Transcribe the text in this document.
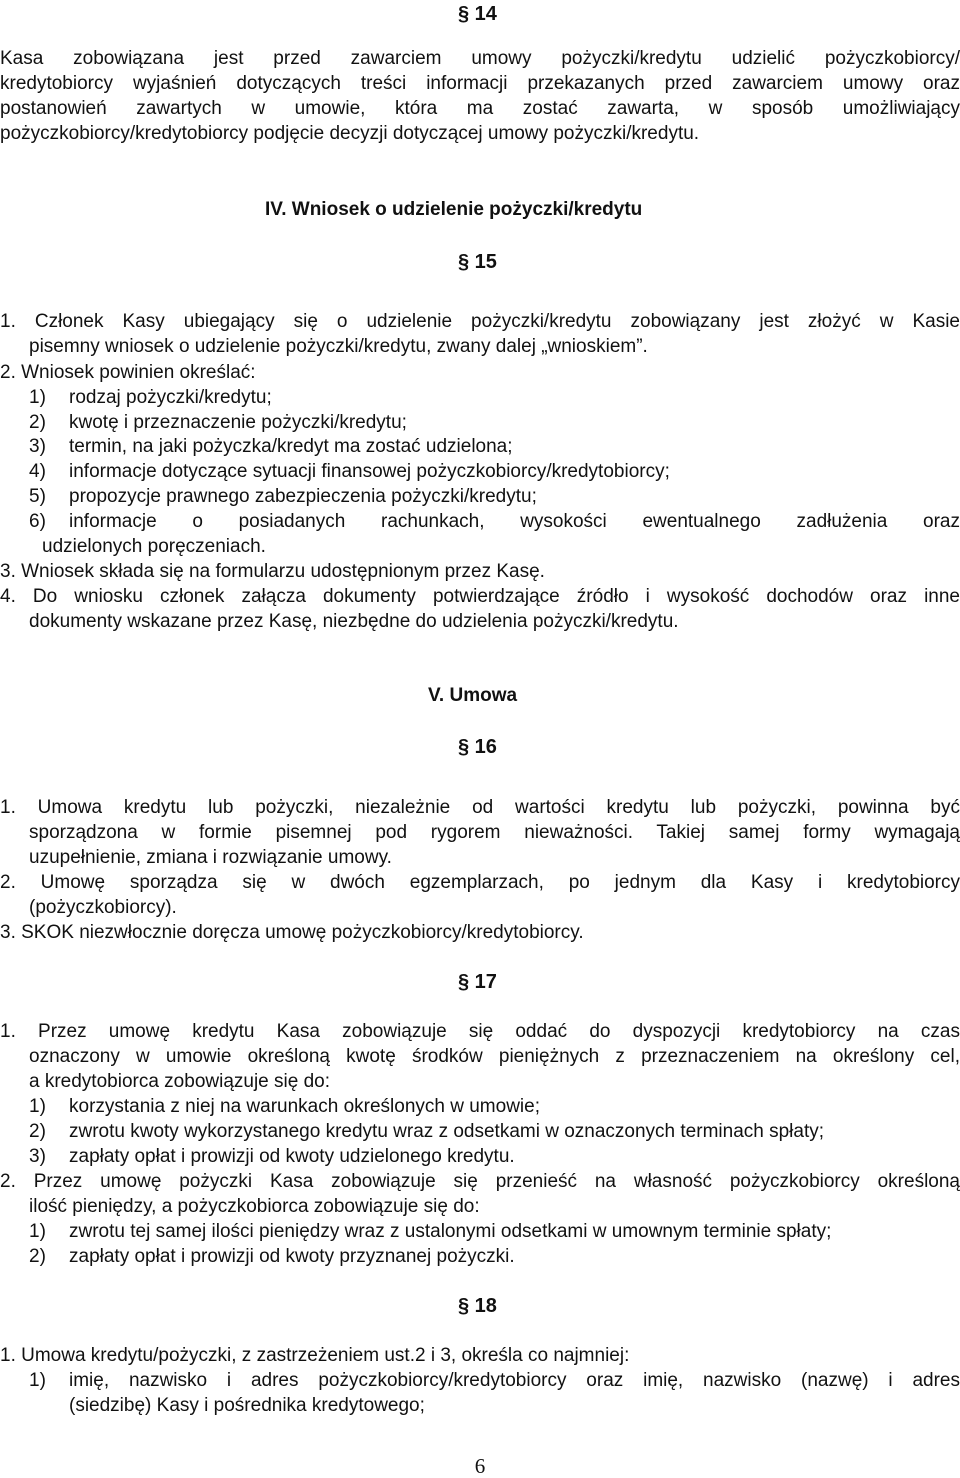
§ 14
Kasa zobowiązana jest przed zawarciem umowy pożyczki/kredytu udzielić pożyczkobiorcy/
kredytobiorcy wyjaśnień dotyczących treści informacji przekazanych przed zawarciem umowy oraz
postanowień zawartych w umowie, która ma zostać zawarta, w sposób umożliwiający
pożyczkobiorcy/kredytobiorcy podjęcie decyzji dotyczącej umowy pożyczki/kredytu.
IV. Wniosek o udzielenie pożyczki/kredytu
§ 15
1. Członek Kasy ubiegający się o udzielenie pożyczki/kredytu zobowiązany jest złożyć w Kasie
pisemny wniosek o udzielenie pożyczki/kredytu, zwany dalej „wnioskiem”.
2. Wniosek powinien określać:
1) rodzaj pożyczki/kredytu;
2) kwotę i przeznaczenie pożyczki/kredytu;
3) termin, na jaki pożyczka/kredyt ma zostać udzielona;
4) informacje dotyczące sytuacji finansowej pożyczkobiorcy/kredytobiorcy;
5) propozycje prawnego zabezpieczenia pożyczki/kredytu;
6)	informacje o posiadanych rachunkach, wysokości ewentualnego zadłużenia oraz
udzielonych poręczeniach.
3. Wniosek składa się na formularzu udostępnionym przez Kasę.
4. Do wniosku członek załącza dokumenty potwierdzające źródło i wysokość dochodów oraz inne
dokumenty wskazane przez Kasę, niezbędne do udzielenia pożyczki/kredytu.
V. Umowa
§ 16
1. Umowa kredytu lub pożyczki, niezależnie od wartości kredytu lub pożyczki, powinna być
sporządzona w formie pisemnej pod rygorem nieważności. Takiej samej formy wymagają
uzupełnienie, zmiana i rozwiązanie umowy.
2. Umowę sporządza się w dwóch egzemplarzach, po jednym dla Kasy i kredytobiorcy
(pożyczkobiorcy).
3. SKOK niezwłocznie doręcza umowę pożyczkobiorcy/kredytobiorcy.
§ 17
1. Przez umowę kredytu Kasa zobowiązuje się oddać do dyspozycji kredytobiorcy na czas
oznaczony w umowie określoną kwotę środków pieniężnych z przeznaczeniem na określony cel,
a kredytobiorca zobowiązuje się do:
1) korzystania z niej na warunkach określonych w umowie;
2) zwrotu kwoty wykorzystanego kredytu wraz z odsetkami w oznaczonych terminach spłaty;
3) zapłaty opłat i prowizji od kwoty udzielonego kredytu.
2. Przez umowę pożyczki Kasa zobowiązuje się przenieść na własność pożyczkobiorcy określoną
ilość pieniędzy, a pożyczkobiorca zobowiązuje się do:
1) zwrotu tej samej ilości pieniędzy wraz z ustalonymi odsetkami w umownym terminie spłaty;
2) zapłaty opłat i prowizji od kwoty przyznanej pożyczki.
§ 18
1. Umowa kredytu/pożyczki, z zastrzeżeniem ust.2 i 3, określa co najmniej:
1)	imię, nazwisko i adres pożyczkobiorcy/kredytobiorcy oraz imię, nazwisko (nazwę) i adres
(siedzibę) Kasy i pośrednika kredytowego;
6
